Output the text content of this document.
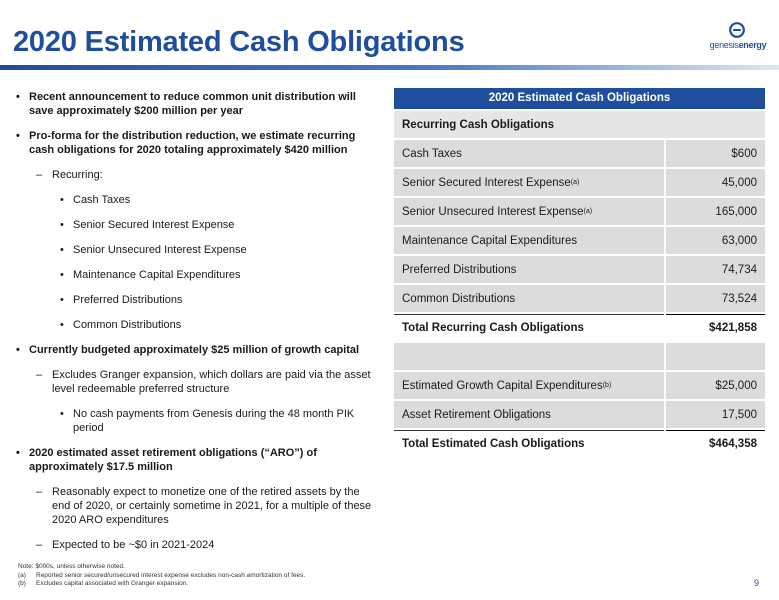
2020 Estimated Cash Obligations	genesisenergy
• Recent announcement to reduce common unit distribution will save approximately $200 million per year
• Pro-forma for the distribution reduction, we estimate recurring cash obligations for 2020 totaling approximately $420 million
– Recurring:
• Cash Taxes
• Senior Secured Interest Expense
• Senior Unsecured Interest Expense
• Maintenance Capital Expenditures
• Preferred Distributions
• Common Distributions
• Currently budgeted approximately $25 million of growth capital
– Excludes Granger expansion, which dollars are paid via the asset level redeemable preferred structure
• No cash payments from Genesis during the 48 month PIK period
• 2020 estimated asset retirement obligations (“ARO”) of approximately $17.5 million
– Reasonably expect to monetize one of the retired assets by the end of 2020, or certainly sometime in 2021, for a multiple of these 2020 ARO expenditures
– Expected to be ~$0 in 2021-2024
2020 Estimated Cash Obligations
Recurring Cash Obligations
Cash Taxes	$600
Senior Secured Interest Expense (a)	45,000
Senior Unsecured Interest Expense (a)	165,000
Maintenance Capital Expenditures	63,000
Preferred Distributions	74,734
Common Distributions	73,524
Total Recurring Cash Obligations	$421,858
Estimated Growth Capital Expenditures (b)	$25,000
Asset Retirement Obligations	17,500
Total Estimated Cash Obligations	$464,358
Note: $000s, unless otherwise noted.
(a)	Reported senior secured/unsecured interest expense excludes non-cash amortization of fees.
(b)	Excludes capital associated with Granger expansion.	9
